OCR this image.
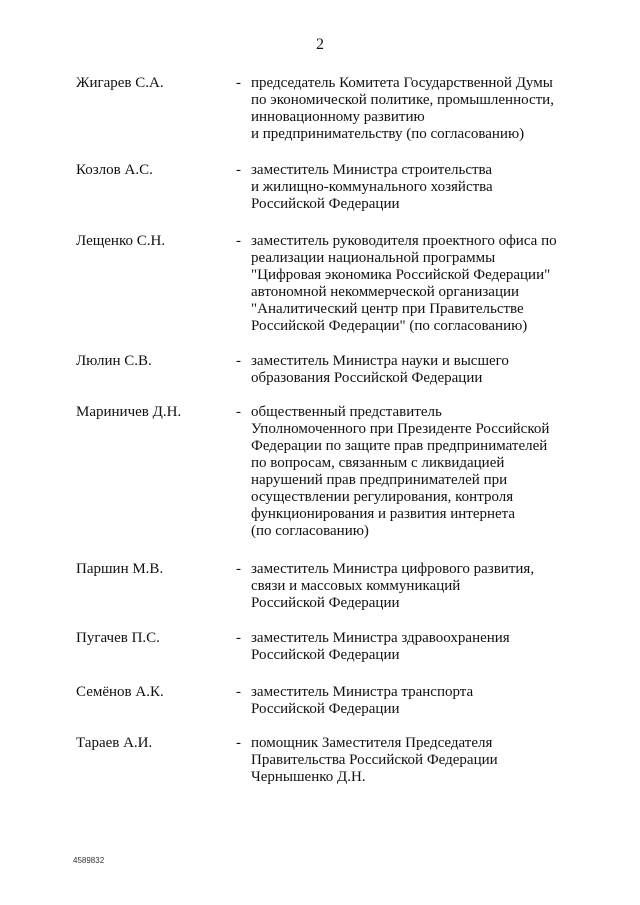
2
Жигарев С.А.	- председатель Комитета Государственной Думы
по экономической политике, промышленности,
инновационному развитию
и предпринимательству (по согласованию)
Козлов А.С.	- заместитель Министра строительства
и жилищно-коммунального хозяйства
Российской Федерации
Лещенко С.Н.	- заместитель руководителя проектного офиса по
реализации национальной программы
"Цифровая экономика Российской Федерации"
автономной некоммерческой организации
"Аналитический центр при Правительстве
Российской Федерации" (по согласованию)
Люлин С.В.	- заместитель Министра науки и высшего
образования Российской Федерации
Мариничев Д.Н.	- общественный представитель
Уполномоченного при Президенте Российской
Федерации по защите прав предпринимателей
по вопросам, связанным с ликвидацией
нарушений прав предпринимателей при
осуществлении регулирования, контроля
функционирования и развития интернета
(по согласованию)
Паршин М.В.	- заместитель Министра цифрового развития,
связи и массовых коммуникаций
Российской Федерации
Пугачев П.С.	- заместитель Министра здравоохранения
Российской Федерации
Семёнов А.К.	- заместитель Министра транспорта
Российской Федерации
Тараев А.И.	- помощник Заместителя Председателя
Правительства Российской Федерации
Чернышенко Д.Н.
4589832
